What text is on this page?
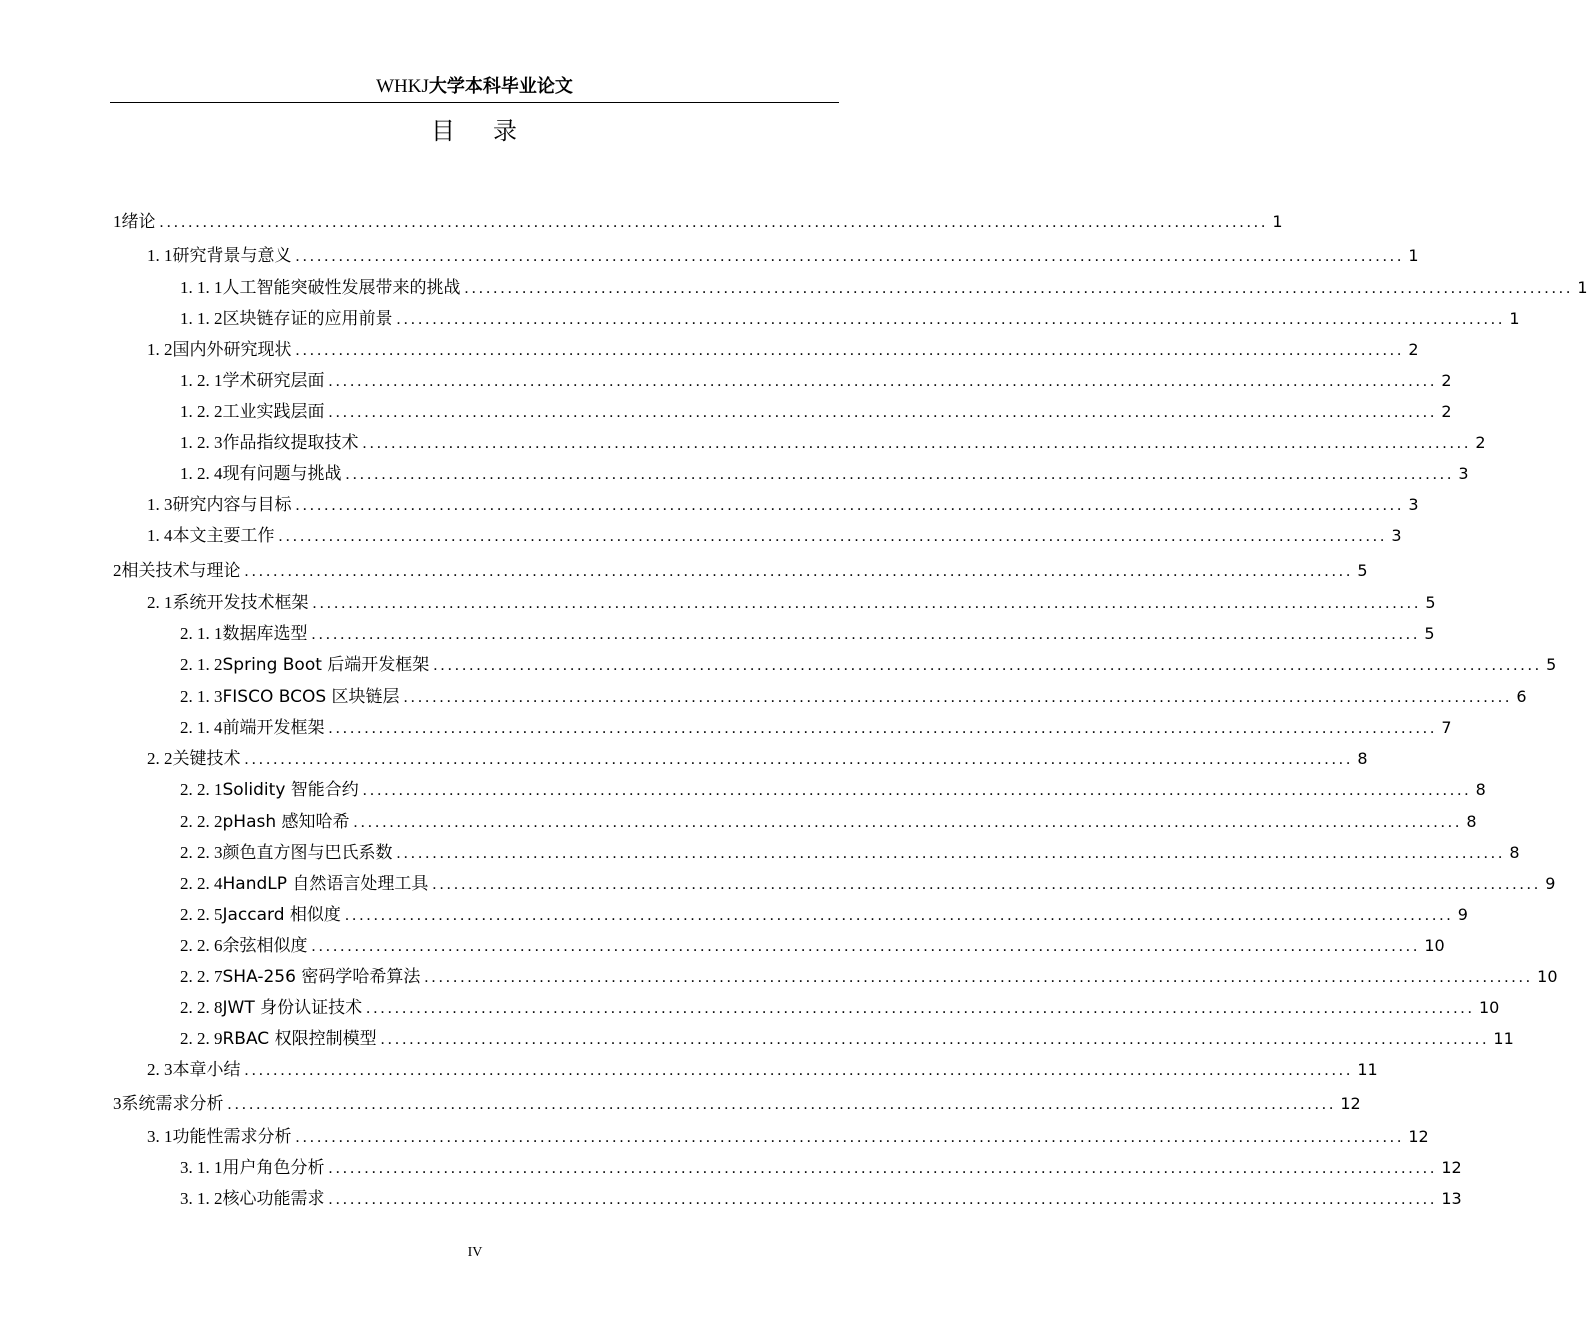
WHKJ大学本科毕业论文
目 录
1 绪论 .......................................................................................................................................................... 1
1. 1 研究背景与意义 .......................................................................................................................................................... 1
1. 1. 1 人工智能突破性发展带来的挑战 .......................................................................................................................................................... 1
1. 1. 2 区块链存证的应用前景 .......................................................................................................................................................... 1
1. 2 国内外研究现状 .......................................................................................................................................................... 2
1. 2. 1 学术研究层面 .......................................................................................................................................................... 2
1. 2. 2 工业实践层面 .......................................................................................................................................................... 2
1. 2. 3 作品指纹提取技术 .......................................................................................................................................................... 2
1. 2. 4 现有问题与挑战 .......................................................................................................................................................... 3
1. 3 研究内容与目标 .......................................................................................................................................................... 3
1. 4 本文主要工作 .......................................................................................................................................................... 3
2 相关技术与理论 .......................................................................................................................................................... 5
2. 1 系统开发技术框架 .......................................................................................................................................................... 5
2. 1. 1 数据库选型 .......................................................................................................................................................... 5
2. 1. 2 Spring Boot 后端开发框架 .......................................................................................................................................................... 5
2. 1. 3 FISCO BCOS 区块链层 .......................................................................................................................................................... 6
2. 1. 4 前端开发框架 .......................................................................................................................................................... 7
2. 2 关键技术 .......................................................................................................................................................... 8
2. 2. 1 Solidity 智能合约 .......................................................................................................................................................... 8
2. 2. 2 pHash 感知哈希 .......................................................................................................................................................... 8
2. 2. 3 颜色直方图与巴氏系数 .......................................................................................................................................................... 8
2. 2. 4 HandLP 自然语言处理工具 .......................................................................................................................................................... 9
2. 2. 5 Jaccard 相似度 .......................................................................................................................................................... 9
2. 2. 6 余弦相似度 .......................................................................................................................................................... 10
2. 2. 7 SHA-256 密码学哈希算法 .......................................................................................................................................................... 10
2. 2. 8 JWT 身份认证技术 .......................................................................................................................................................... 10
2. 2. 9 RBAC 权限控制模型 .......................................................................................................................................................... 11
2. 3 本章小结 .......................................................................................................................................................... 11
3 系统需求分析 .......................................................................................................................................................... 12
3. 1 功能性需求分析 .......................................................................................................................................................... 12
3. 1. 1 用户角色分析 .......................................................................................................................................................... 12
3. 1. 2 核心功能需求 .......................................................................................................................................................... 13
IV
